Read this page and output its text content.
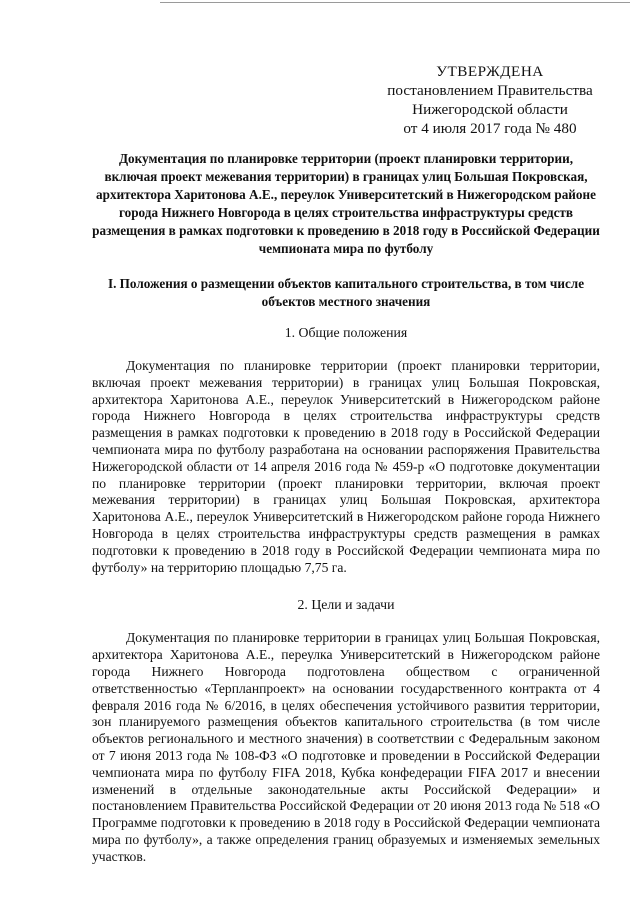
УТВЕРЖДЕНА
постановлением Правительства
Нижегородской области
от 4 июля 2017 года № 480

Документация по планировке территории (проект планировки территории, включая проект межевания территории) в границах улиц Большая Покровская, архитектора Харитонова А.Е., переулок Университетский в Нижегородском районе города Нижнего Новгорода в целях строительства инфраструктуры средств размещения в рамках подготовки к проведению в 2018 году в Российской Федерации чемпионата мира по футболу

I. Положения о размещении объектов капитального строительства, в том числе объектов местного значения

1. Общие положения

Документация по планировке территории (проект планировки территории, включая проект межевания территории) в границах улиц Большая Покровская, архитектора Харитонова А.Е., переулок Университетский в Нижегородском районе города Нижнего Новгорода в целях строительства инфраструктуры средств размещения в рамках подготовки к проведению в 2018 году в Российской Федерации чемпионата мира по футболу разработана на основании распоряжения Правительства Нижегородской области от 14 апреля 2016 года № 459-р «О подготовке документации по планировке территории (проект планировки территории, включая проект межевания территории) в границах улиц Большая Покровская, архитектора Харитонова А.Е., переулок Университетский в Нижегородском районе города Нижнего Новгорода в целях строительства инфраструктуры средств размещения в рамках подготовки к проведению в 2018 году в Российской Федерации чемпионата мира по футболу» на территорию площадью 7,75 га.

2. Цели и задачи

Документация по планировке территории в границах улиц Большая Покровская, архитектора Харитонова А.Е., переулка Университетский в Нижегородском районе города Нижнего Новгорода подготовлена обществом с ограниченной ответственностью «Терпланпроект» на основании государственного контракта от 4 февраля 2016 года № 6/2016, в целях обеспечения устойчивого развития территории, зон планируемого размещения объектов капитального строительства (в том числе объектов регионального и местного значения) в соответствии с Федеральным законом от 7 июня 2013 года № 108-ФЗ «О подготовке и проведении в Российской Федерации чемпионата мира по футболу FIFA 2018, Кубка конфедерации FIFA 2017 и внесении изменений в отдельные законодательные акты Российской Федерации» и постановлением Правительства Российской Федерации от 20 июня 2013 года № 518 «О Программе подготовки к проведению в 2018 году в Российской Федерации чемпионата мира по футболу», а также определения границ образуемых и изменяемых земельных участков.
